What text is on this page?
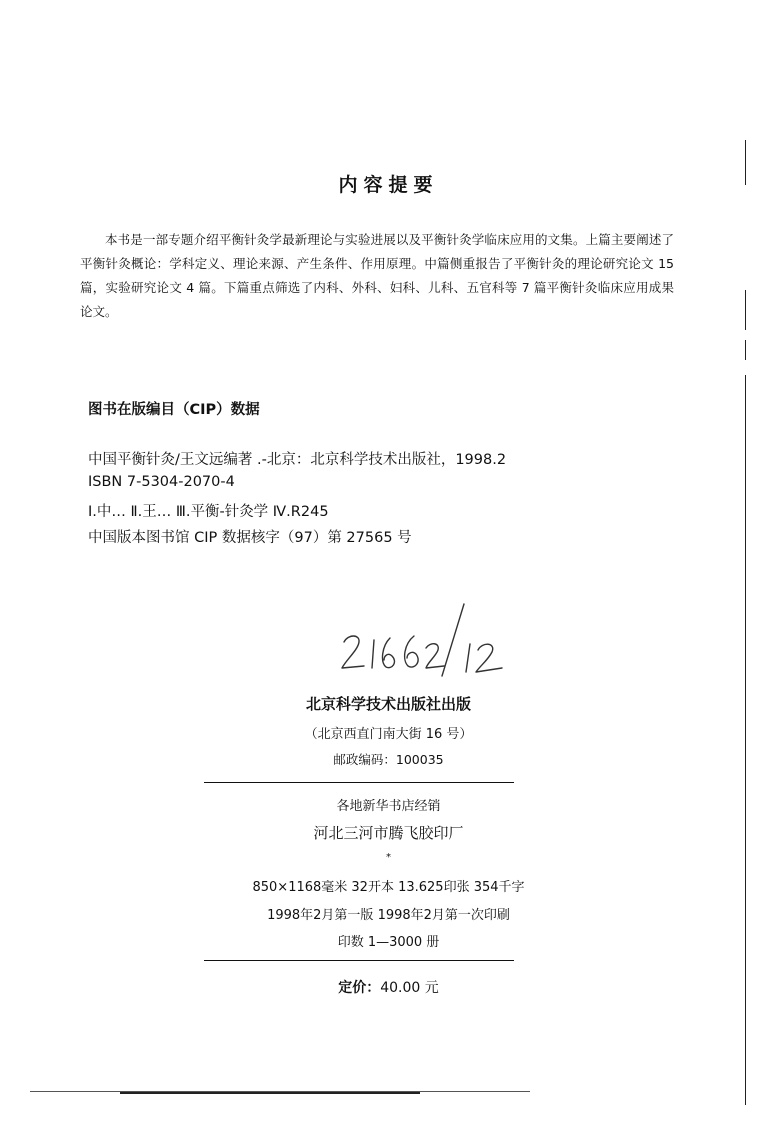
内容提要

本书是一部专题介绍平衡针灸学最新理论与实验进展以及平衡针灸学临床应用的文集。上篇主要阐述了平衡针灸概论：学科定义、理论来源、产生条件、作用原理。中篇侧重报告了平衡针灸的理论研究论文 15 篇，实验研究论文 4 篇。下篇重点筛选了内科、外科、妇科、儿科、五官科等 7 篇平衡针灸临床应用成果论文。

图书在版编目（CIP）数据
中国平衡针灸/王文远编著 .-北京：北京科学技术出版社，1998.2
ISBN 7-5304-2070-4
Ⅰ.中… Ⅱ.王… Ⅲ.平衡-针灸学 Ⅳ.R245
中国版本图书馆 CIP 数据核字（97）第 27565 号
北京科学技术出版社出版
（北京西直门南大街 16 号）
邮政编码：100035
各地新华书店经销
河北三河市腾飞胶印厂
*
850×1168毫米 32开本 13.625印张 354千字
1998年2月第一版 1998年2月第一次印刷
印数 1—3000 册
定价：40.00 元
